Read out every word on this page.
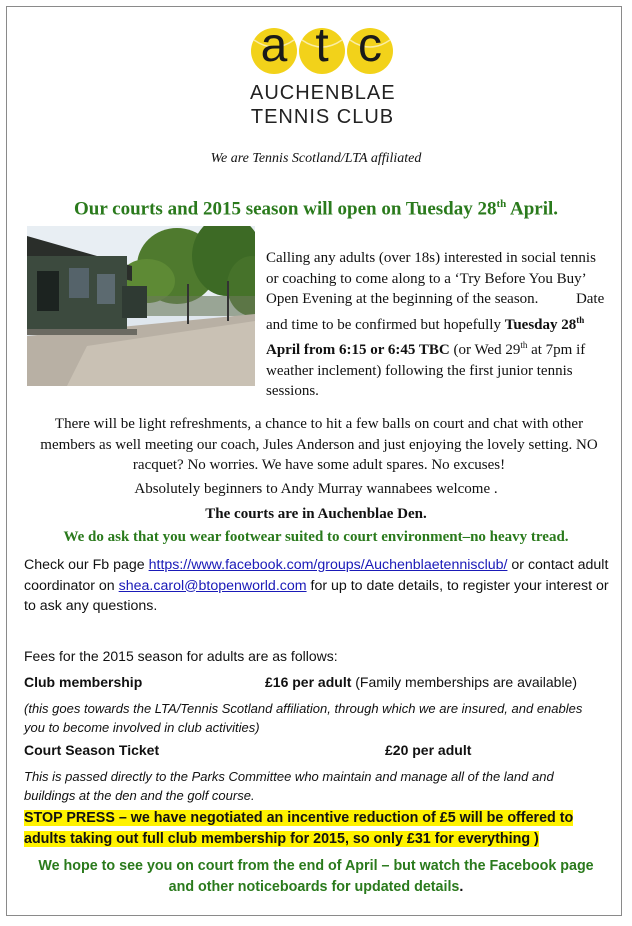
a t c
AUCHENBLAE
TENNIS CLUB
We are Tennis Scotland/LTA affiliated
Our courts and 2015 season will open on Tuesday 28th April.
Calling any adults (over 18s) interested in social tennis or coaching to come along to a ‘Try Before You Buy’ Open Evening at the beginning of the season.	Date and time to be confirmed but hopefully Tuesday 28th April from 6:15 or 6:45 TBC (or Wed 29th at 7pm if weather inclement) following the first junior tennis sessions.
There will be light refreshments, a chance to hit a few balls on court and chat with other members as well meeting our coach, Jules Anderson and just enjoying the lovely setting. NO racquet? No worries. We have some adult spares. No excuses!
Absolutely beginners to Andy Murray wannabees welcome .
The courts are in Auchenblae Den.
We do ask that you wear footwear suited to court environment–no heavy tread.
Check our Fb page https://www.facebook.com/groups/Auchenblaetennisclub/ or contact adult coordinator on shea.carol@btopenworld.com for up to date details, to register your interest or to ask any questions.
Fees for the 2015 season for adults are as follows:
Club membership	£16 per adult (Family memberships are available)
(this goes towards the LTA/Tennis Scotland affiliation, through which we are insured, and enables you to become involved in club activities)
Court Season Ticket	£20 per adult
This is passed directly to the Parks Committee who maintain and manage all of the land and buildings at the den and the golf course.
STOP PRESS – we have negotiated an incentive reduction of £5 will be offered to
adults taking out full club membership for 2015, so only £31 for everything )
We hope to see you on court from the end of April – but watch the Facebook page
and other noticeboards for updated details.
